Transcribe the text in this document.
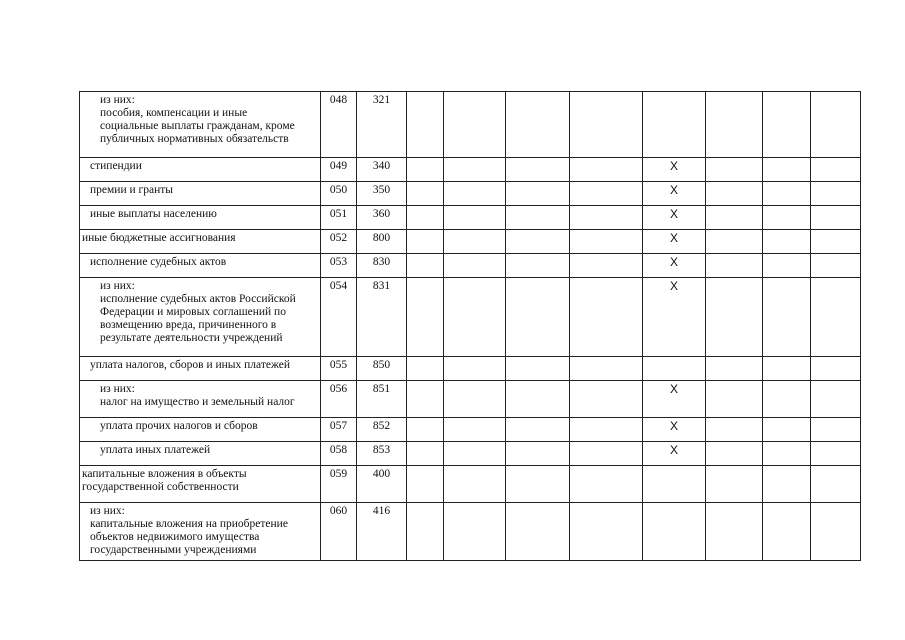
из них:
пособия, компенсации и иные
социальные выплаты гражданам, кроме
публичных нормативных обязательств	048	321								
стипендии	049	340					X			
премии и гранты	050	350					X			
иные выплаты населению	051	360					X			
иные бюджетные ассигнования	052	800					X			
исполнение судебных актов	053	830					X			
из них:
исполнение судебных актов Российской
Федерации и мировых соглашений по
возмещению вреда, причиненного в
результате деятельности учреждений	054	831					X			
уплата налогов, сборов и иных платежей	055	850								
из них:
налог на имущество и земельный налог	056	851					X			
уплата прочих налогов и сборов	057	852					X			
уплата иных платежей	058	853					X			
капитальные вложения в объекты
государственной собственности	059	400								
из них:
капитальные вложения на приобретение
объектов недвижимого имущества
государственными учреждениями	060	416								
